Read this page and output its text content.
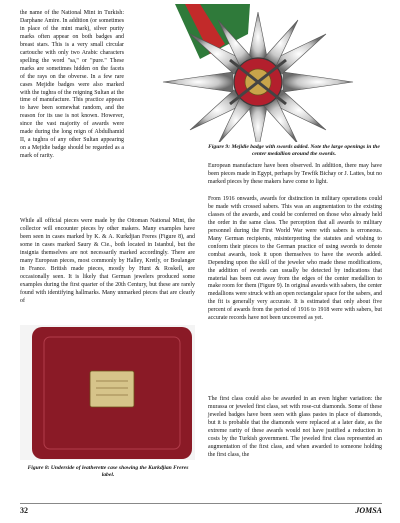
Figure 9: Mejidie badge with swords added. Note the large openings in the center medallion around the swords.

the name of the National Mint in Turkish: Darphane Amire. In addition (or sometimes in place of the mint mark), silver purity marks often appear on both badges and breast stars. This is a very small circular cartouche with only two Arabic characters spelling the word "sa," or "pure." These marks are sometimes hidden on the facets of the rays on the obverse. In a few rare cases Mejidie badges were also marked with the tughra of the reigning Sultan at the time of manufacture. This practice appears to have been somewhat random, and the reason for its use is not known. However, since the vast majority of awards were made during the long reign of Abdulhamid II, a tughra of any other Sultan appearing on a Mejidie badge should be regarded as a mark of rarity.

While all official pieces were made by the Ottoman National Mint, the collector will encounter pieces by other makers. Many examples have been seen in cases marked by K. & A. Kurkdjian Freres (Figure 8), and some in cases marked Saury & Cie., both located in Istanbul, but the insignia themselves are not necessarily marked accordingly. There are many European pieces, most commonly by Halley, Kretly, or Boulanger in France. British made pieces, mostly by Hunt & Roskell, are occasionally seen. It is likely that German jewelers produced some examples during the first quarter of the 20th Century, but these are rarely found with identifying hallmarks. Many unmarked pieces that are clearly of

Figure 8: Underside of leatherette case showing the Kurkdjian Freres label.

European manufacture have been observed. In addition, there may have been pieces made in Egypt, perhaps by Tewfik Bichay or J. Lattes, but no marked pieces by these makers have come to light.

From 1916 onwards, awards for distinction in military operations could be made with crossed sabers. This was an augmentation to the existing classes of the awards, and could be conferred on those who already held the order in the same class. The perception that all awards to military personnel during the First World War were with sabers is erroneous. Many German recipients, misinterpreting the statutes and wishing to conform their pieces to the German practice of using swords to denote combat awards, took it upon themselves to have the swords added. Depending upon the skill of the jeweler who made these modifications, the addition of swords can usually be detected by indications that material has been cut away from the edges of the center medallion to make room for them (Figure 9). In original awards with sabers, the center medallions were struck with an open rectangular space for the sabers, and the fit is generally very accurate. It is estimated that only about five percent of awards from the period of 1916 to 1918 were with sabers, but accurate records have not been uncovered as yet.

The first class could also be awarded in an even higher variation: the murassa or jeweled first class, set with rose-cut diamonds. Some of these jeweled badges have been seen with glass pastes in place of diamonds, but it is probable that the diamonds were replaced at a later date, as the extreme rarity of these awards would not have justified a reduction in costs by the Turkish government. The jeweled first class represented an augmentation of the first class, and when awarded to someone holding the first class, the

32	JOMSA
